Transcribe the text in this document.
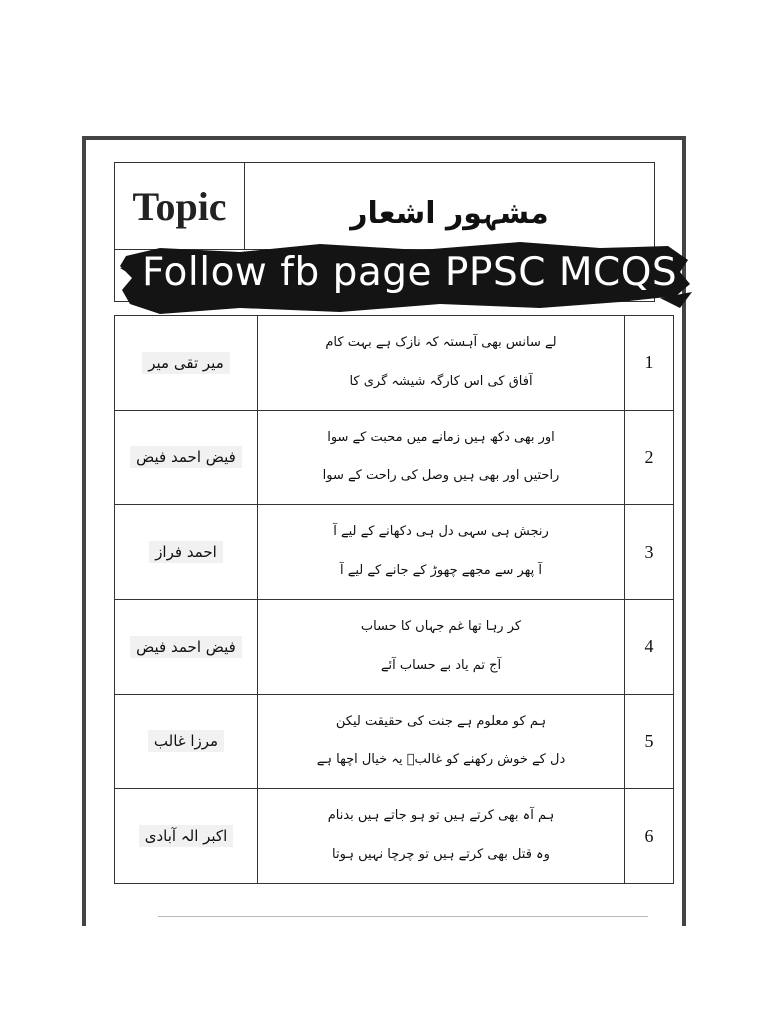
Topic	مشہور اشعار
Follow fb page PPSC MCQS
میر تقی میر	لے سانس بھی آہستہ کہ نازک ہے بہت کام
آفاق کی اس کارگہ شیشہ گری کا	1
فیض احمد فیض	اور بھی دکھ ہیں زمانے میں محبت کے سوا
راحتیں اور بھی ہیں وصل کی راحت کے سوا	2
احمد فراز	رنجش ہی سہی دل ہی دکھانے کے لیے آ
آ پھر سے مجھے چھوڑ کے جانے کے لیے آ	3
فیض احمد فیض	کر رہا تھا غم جہاں کا حساب
آج تم یاد بے حساب آئے	4
مرزا غالب	ہم کو معلوم ہے جنت کی حقیقت لیکن
دل کے خوش رکھنے کو غالبؔ یہ خیال اچھا ہے	5
اکبر الہ آبادی	ہم آہ بھی کرتے ہیں تو ہو جاتے ہیں بدنام
وہ قتل بھی کرتے ہیں تو چرچا نہیں ہوتا	6
